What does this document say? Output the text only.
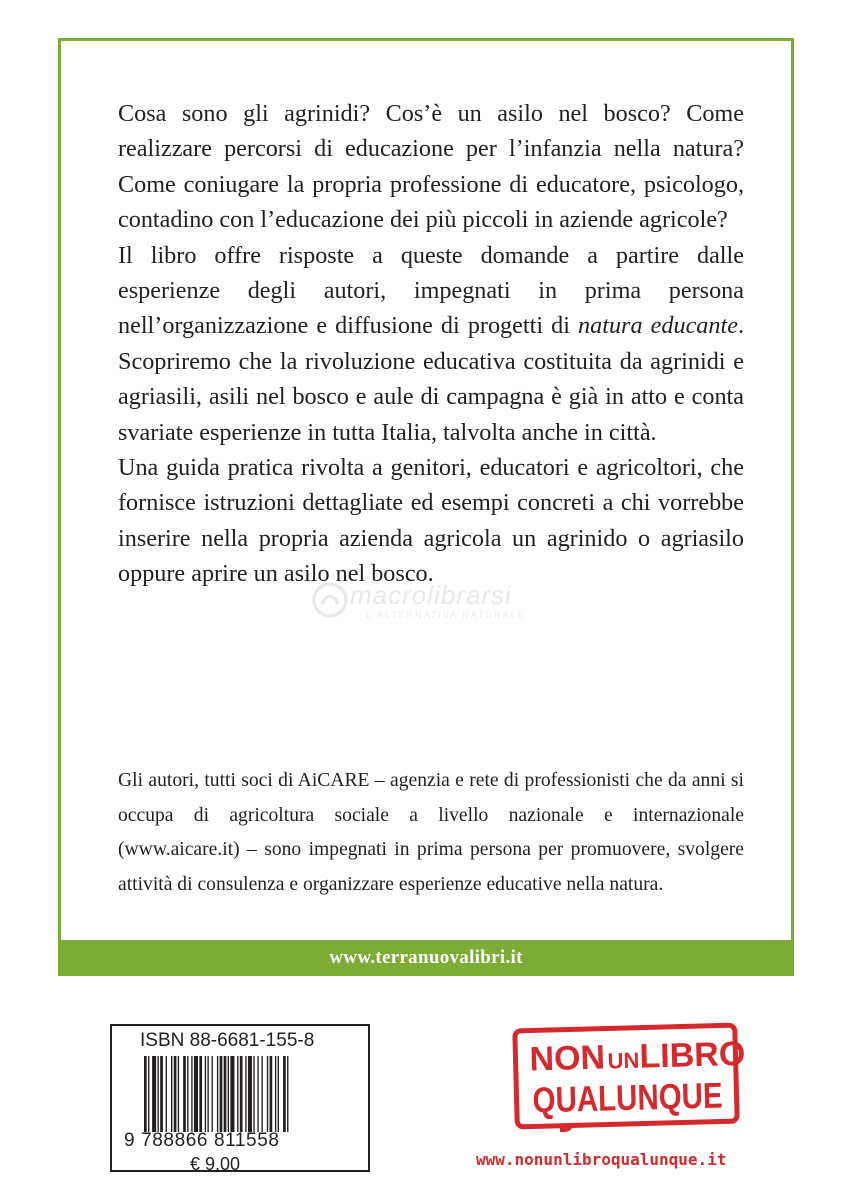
Cosa sono gli agrinidi? Cos’è un asilo nel bosco? Come realizzare percorsi di educazione per l’infanzia nella natura? Come coniugare la propria professione di educatore, psicologo, contadino con l’educazione dei più piccoli in aziende agricole?

Il libro offre risposte a queste domande a partire dalle esperienze degli autori, impegnati in prima persona nell’organizzazione e diffusione di progetti di natura educante. Scopriremo che la rivoluzione educativa costituita da agrinidi e agriasili, asili nel bosco e aule di campagna è già in atto e conta svariate esperienze in tutta Italia, talvolta anche in città.

Una guida pratica rivolta a genitori, educatori e agricoltori, che fornisce istruzioni dettagliate ed esempi concreti a chi vorrebbe inserire nella propria azienda agricola un agrinido o agriasilo oppure aprire un asilo nel bosco.

macrolibrarsi
L'ALTERNATIVA NATURALE

Gli autori, tutti soci di AiCARE – agenzia e rete di professionisti che da anni si occupa di agricoltura sociale a livello nazionale e internazionale (www.aicare.it) – sono impegnati in prima persona per promuovere, svolgere attività di consulenza e organizzare esperienze educative nella natura.

www.terranuovalibri.it
ISBN 88-6681-155-8
9 788866 811558
€ 9,00
NON UN LIBRO
QUALUNQUE
www.nonunlibroqualunque.it
